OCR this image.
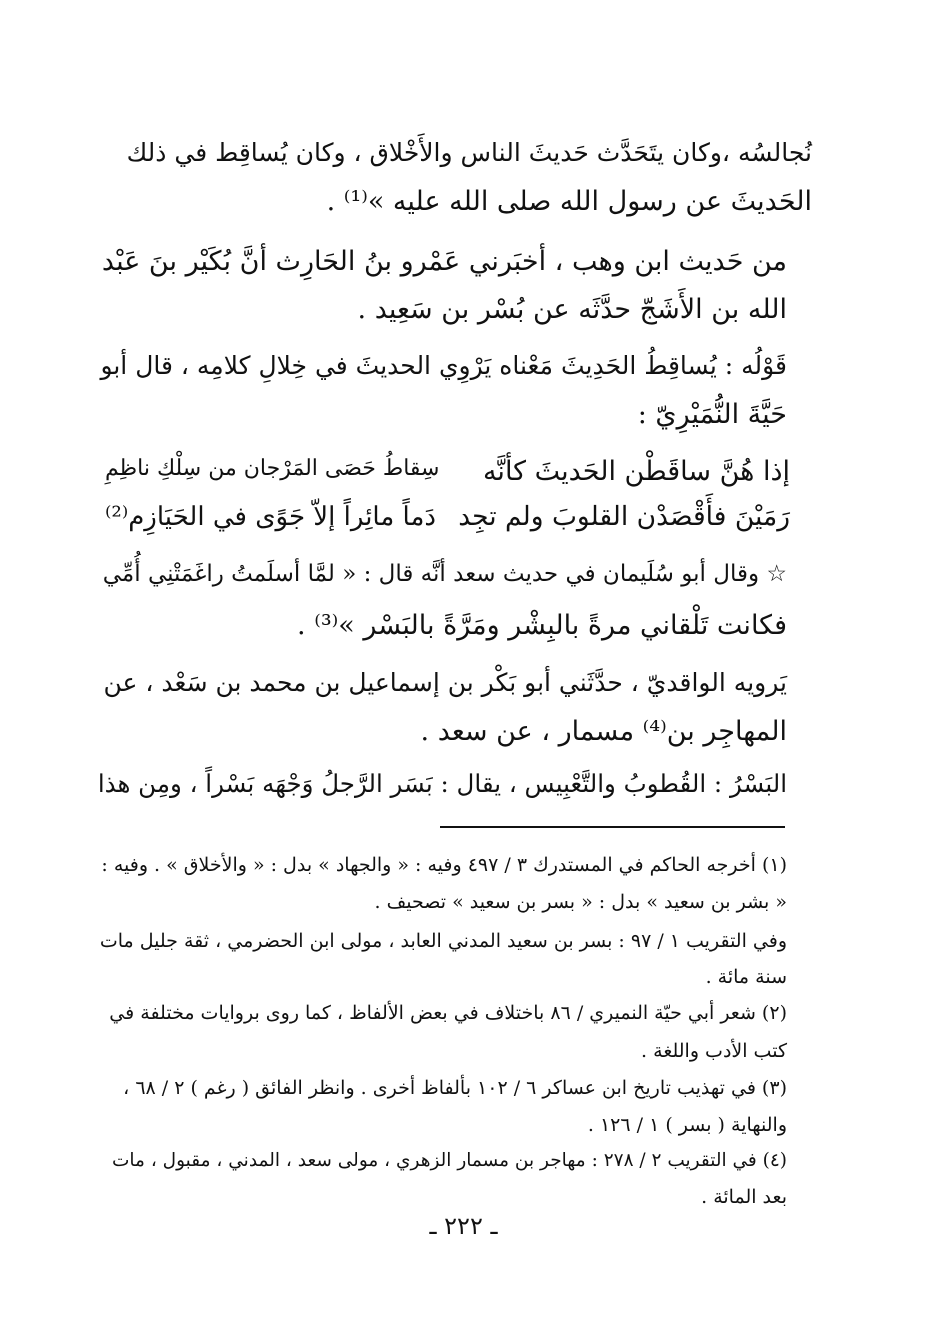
نُجالسُه ،وكان يتَحَدَّث حَديثَ الناس والأَخْلاق ، وكان يُساقِط في ذلك
الحَديثَ عن رسول الله صلى الله عليه »⁽¹⁾ .
من حَديث ابن وهب ، أخبَرني عَمْرو بنُ الحَارِث أنَّ بُكَيْر بنَ عَبْد
الله بن الأَشَجّ حدَّثَه عن بُسْر بن سَعِيد .
قَوْلُه : يُساقِطُ الحَدِيثَ مَعْناه يَرْوِي الحديثَ في خِلالِ كلامِه ، قال أبو
حَيَّةَ النُّمَيْرِيّ :
إذا هُنَّ ساقَطْن الحَديثَ كأنَّه
سِقاطُ حَصَى المَرْجان من سِلْكِ ناظِمِ
رَمَيْنَ فأَقْصَدْن القلوبَ ولم تجِد
دَماً مائِراً إلاّ جَوًى في الحَيَازِم⁽²⁾
☆ وقال أبو سُلَيمان في حديث سعد أنَّه قال : « لمَّا أسلَمتُ راغَمَتْنِي أُمِّي
فكانت تَلْقاني مرةً بالبِشْر ومَرَّةً بالبَسْر »⁽³⁾ .
يَرويه الواقديّ ، حدَّثَني أبو بَكْر بن إسماعيل بن محمد بن سَعْد ، عن
المهاجِر بن⁽⁴⁾ مسمار ، عن سعد .
البَسْرُ : القُطوبُ والتَّعْبِيس ، يقال : بَسَر الرَّجلُ وَجْهَه بَسْراً ، ومِن هذا
(١) أخرجه الحاكم في المستدرك ٣ / ٤٩٧ وفيه : « والجهاد » بدل : « والأخلاق » . وفيه :
« بشر بن سعيد » بدل : « بسر بن سعيد » تصحيف .
وفي التقريب ١ / ٩٧ : بسر بن سعيد المدني العابد ، مولى ابن الحضرمي ، ثقة جليل مات
سنة مائة .
(٢) شعر أبي حيّة النميري / ٨٦ باختلاف في بعض الألفاظ ، كما روى بروايات مختلفة في
كتب الأدب واللغة .
(٣) في تهذيب تاريخ ابن عساكر ٦ / ١٠٢ بألفاظ أخرى . وانظر الفائق ( رغم ) ٢ / ٦٨ ،
والنهاية ( بسر ) ١ / ١٢٦ .
(٤) في التقريب ٢ / ٢٧٨ : مهاجر بن مسمار الزهري ، مولى سعد ، المدني ، مقبول ، مات
بعد المائة .
ـ ٢٢٢ ـ
